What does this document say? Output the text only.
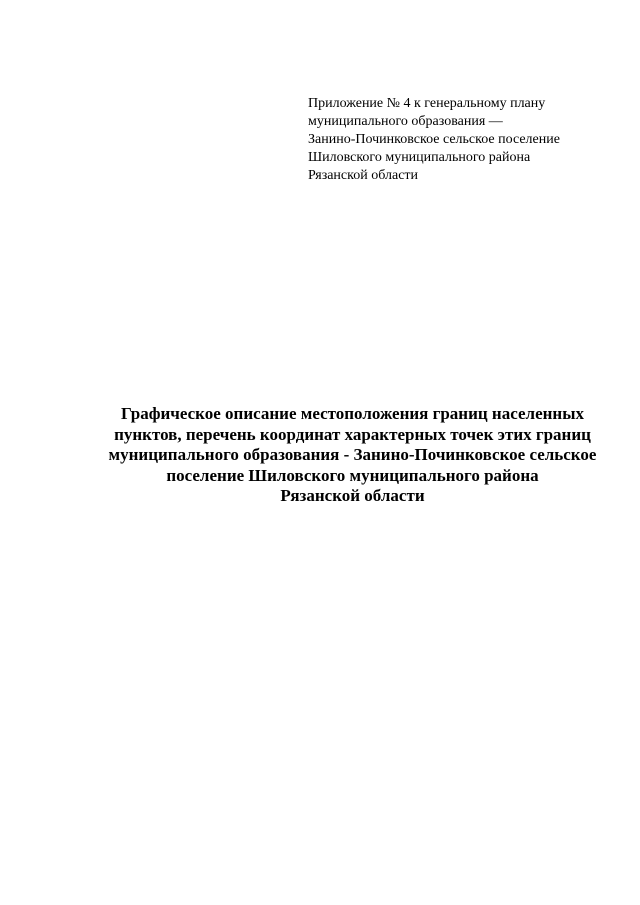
Приложение № 4 к генеральному плану
муниципального образования —
Занино-Починковское сельское поселение
Шиловского муниципального района
Рязанской области
Графическое описание местоположения границ населенных
пунктов, перечень координат характерных точек этих границ
муниципального образования - Занино-Починковское сельское
поселение Шиловского муниципального района
Рязанской области
